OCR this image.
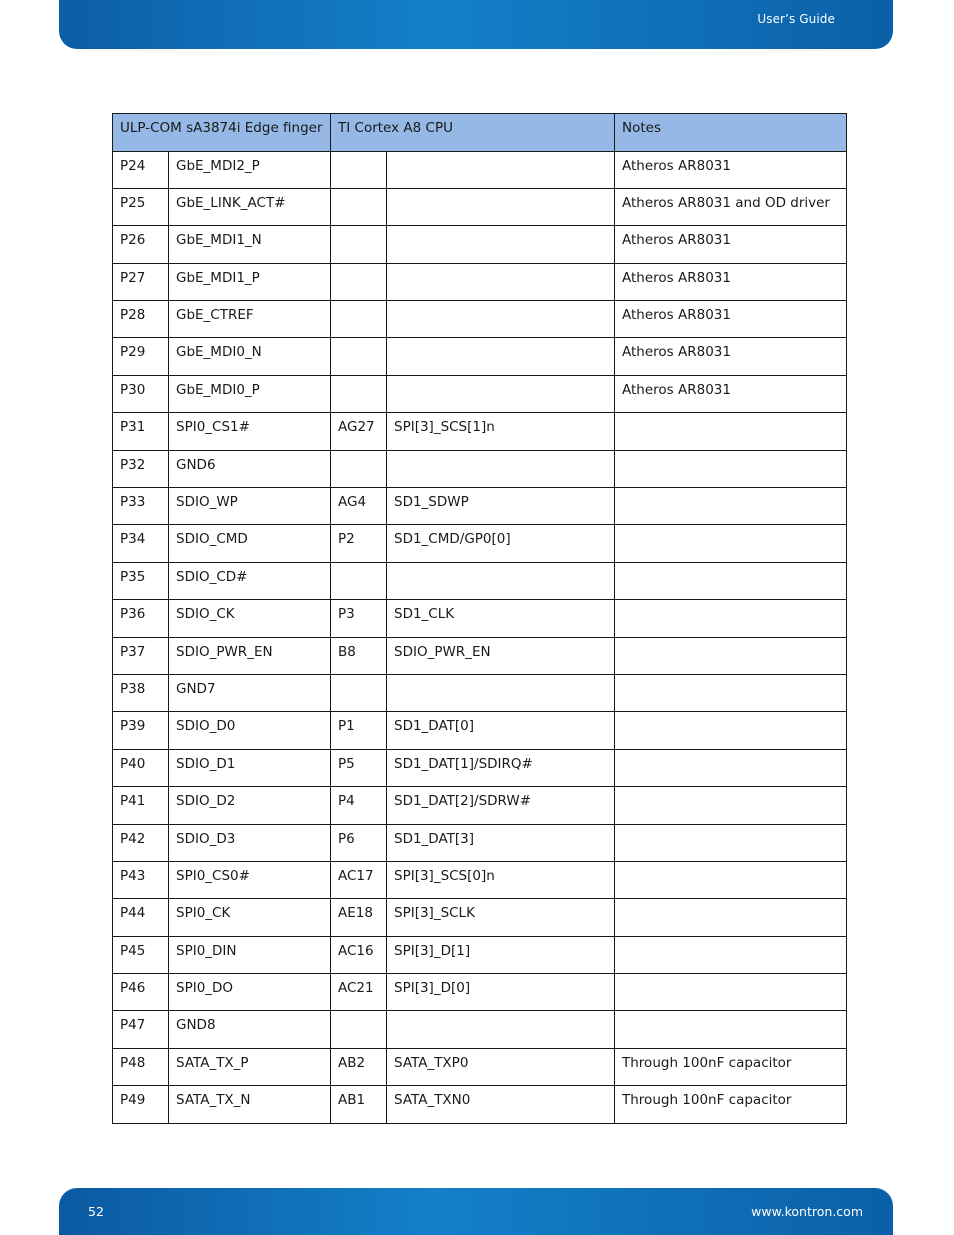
User’s Guide
ULP-COM sA3874i Edge finger		TI Cortex A8 CPU		Notes
P24	GbE_MDI2_P			Atheros AR8031
P25	GbE_LINK_ACT#			Atheros AR8031 and OD driver
P26	GbE_MDI1_N			Atheros AR8031
P27	GbE_MDI1_P			Atheros AR8031
P28	GbE_CTREF			Atheros AR8031
P29	GbE_MDI0_N			Atheros AR8031
P30	GbE_MDI0_P			Atheros AR8031
P31	SPI0_CS1#	AG27	SPI[3]_SCS[1]n	
P32	GND6			
P33	SDIO_WP	AG4	SD1_SDWP	
P34	SDIO_CMD	P2	SD1_CMD/GP0[0]	
P35	SDIO_CD#			
P36	SDIO_CK	P3	SD1_CLK	
P37	SDIO_PWR_EN	B8	SDIO_PWR_EN	
P38	GND7			
P39	SDIO_D0	P1	SD1_DAT[0]	
P40	SDIO_D1	P5	SD1_DAT[1]/SDIRQ#	
P41	SDIO_D2	P4	SD1_DAT[2]/SDRW#	
P42	SDIO_D3	P6	SD1_DAT[3]	
P43	SPI0_CS0#	AC17	SPI[3]_SCS[0]n	
P44	SPI0_CK	AE18	SPI[3]_SCLK	
P45	SPI0_DIN	AC16	SPI[3]_D[1]	
P46	SPI0_DO	AC21	SPI[3]_D[0]	
P47	GND8			
P48	SATA_TX_P	AB2	SATA_TXP0	Through 100nF capacitor
P49	SATA_TX_N	AB1	SATA_TXN0	Through 100nF capacitor
52	www.kontron.com
